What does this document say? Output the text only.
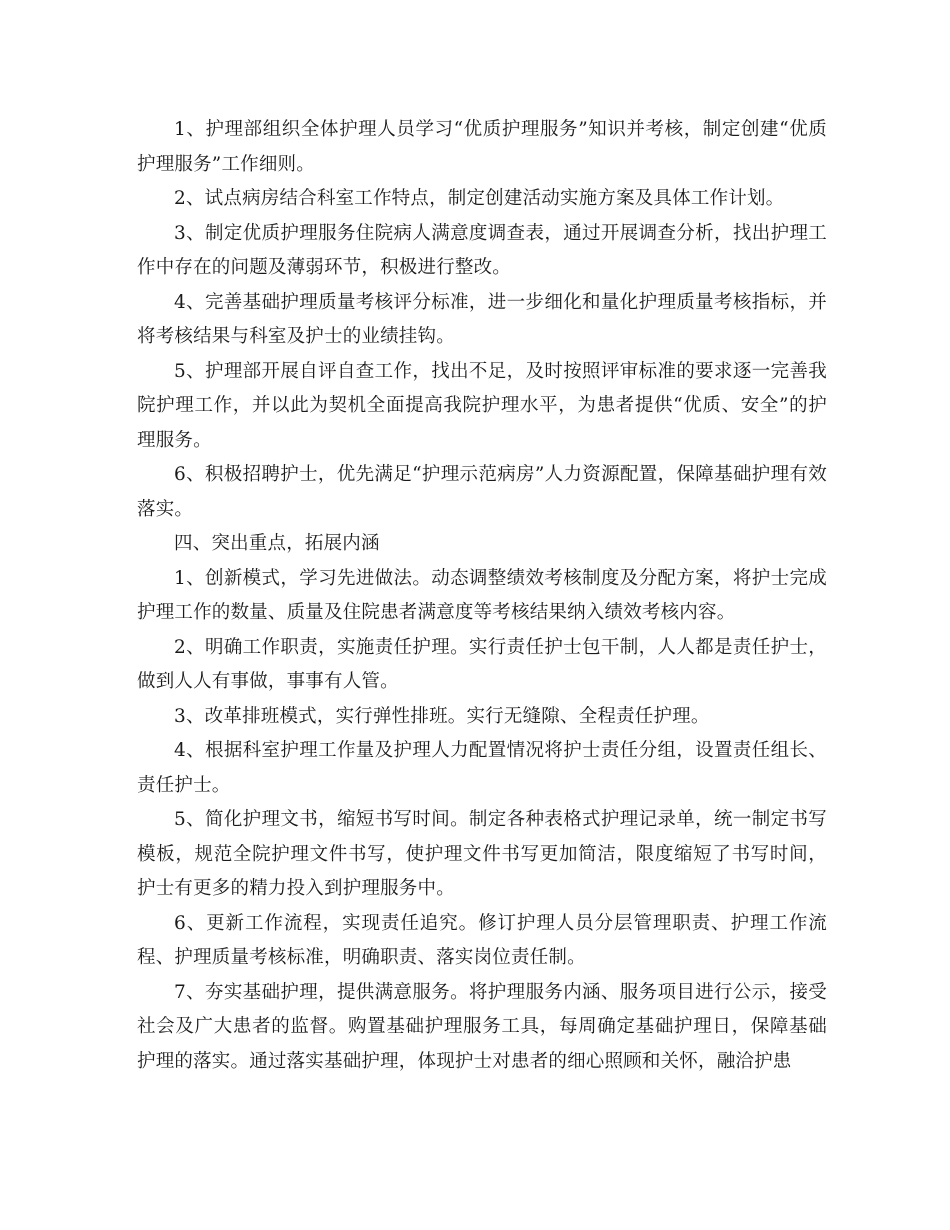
1、护理部组织全体护理人员学习“优质护理服务”知识并考核，制定创建“优质护理服务”工作细则。

2、试点病房结合科室工作特点，制定创建活动实施方案及具体工作计划。

3、制定优质护理服务住院病人满意度调查表，通过开展调查分析，找出护理工作中存在的问题及薄弱环节，积极进行整改。

4、完善基础护理质量考核评分标准，进一步细化和量化护理质量考核指标，并将考核结果与科室及护士的业绩挂钩。

5、护理部开展自评自查工作，找出不足，及时按照评审标准的要求逐一完善我院护理工作，并以此为契机全面提高我院护理水平，为患者提供“优质、安全”的护理服务。

6、积极招聘护士，优先满足“护理示范病房”人力资源配置，保障基础护理有效落实。

四、突出重点，拓展内涵

1、创新模式，学习先进做法。动态调整绩效考核制度及分配方案，将护士完成护理工作的数量、质量及住院患者满意度等考核结果纳入绩效考核内容。

2、明确工作职责，实施责任护理。实行责任护士包干制，人人都是责任护士，做到人人有事做，事事有人管。

3、改革排班模式，实行弹性排班。实行无缝隙、全程责任护理。

4、根据科室护理工作量及护理人力配置情况将护士责任分组，设置责任组长、责任护士。

5、简化护理文书，缩短书写时间。制定各种表格式护理记录单，统一制定书写模板，规范全院护理文件书写，使护理文件书写更加简洁，限度缩短了书写时间，护士有更多的精力投入到护理服务中。

6、更新工作流程，实现责任追究。修订护理人员分层管理职责、护理工作流程、护理质量考核标准，明确职责、落实岗位责任制。

7、夯实基础护理，提供满意服务。将护理服务内涵、服务项目进行公示，接受社会及广大患者的监督。购置基础护理服务工具，每周确定基础护理日，保障基础护理的落实。通过落实基础护理，体现护士对患者的细心照顾和关怀，融洽护患
